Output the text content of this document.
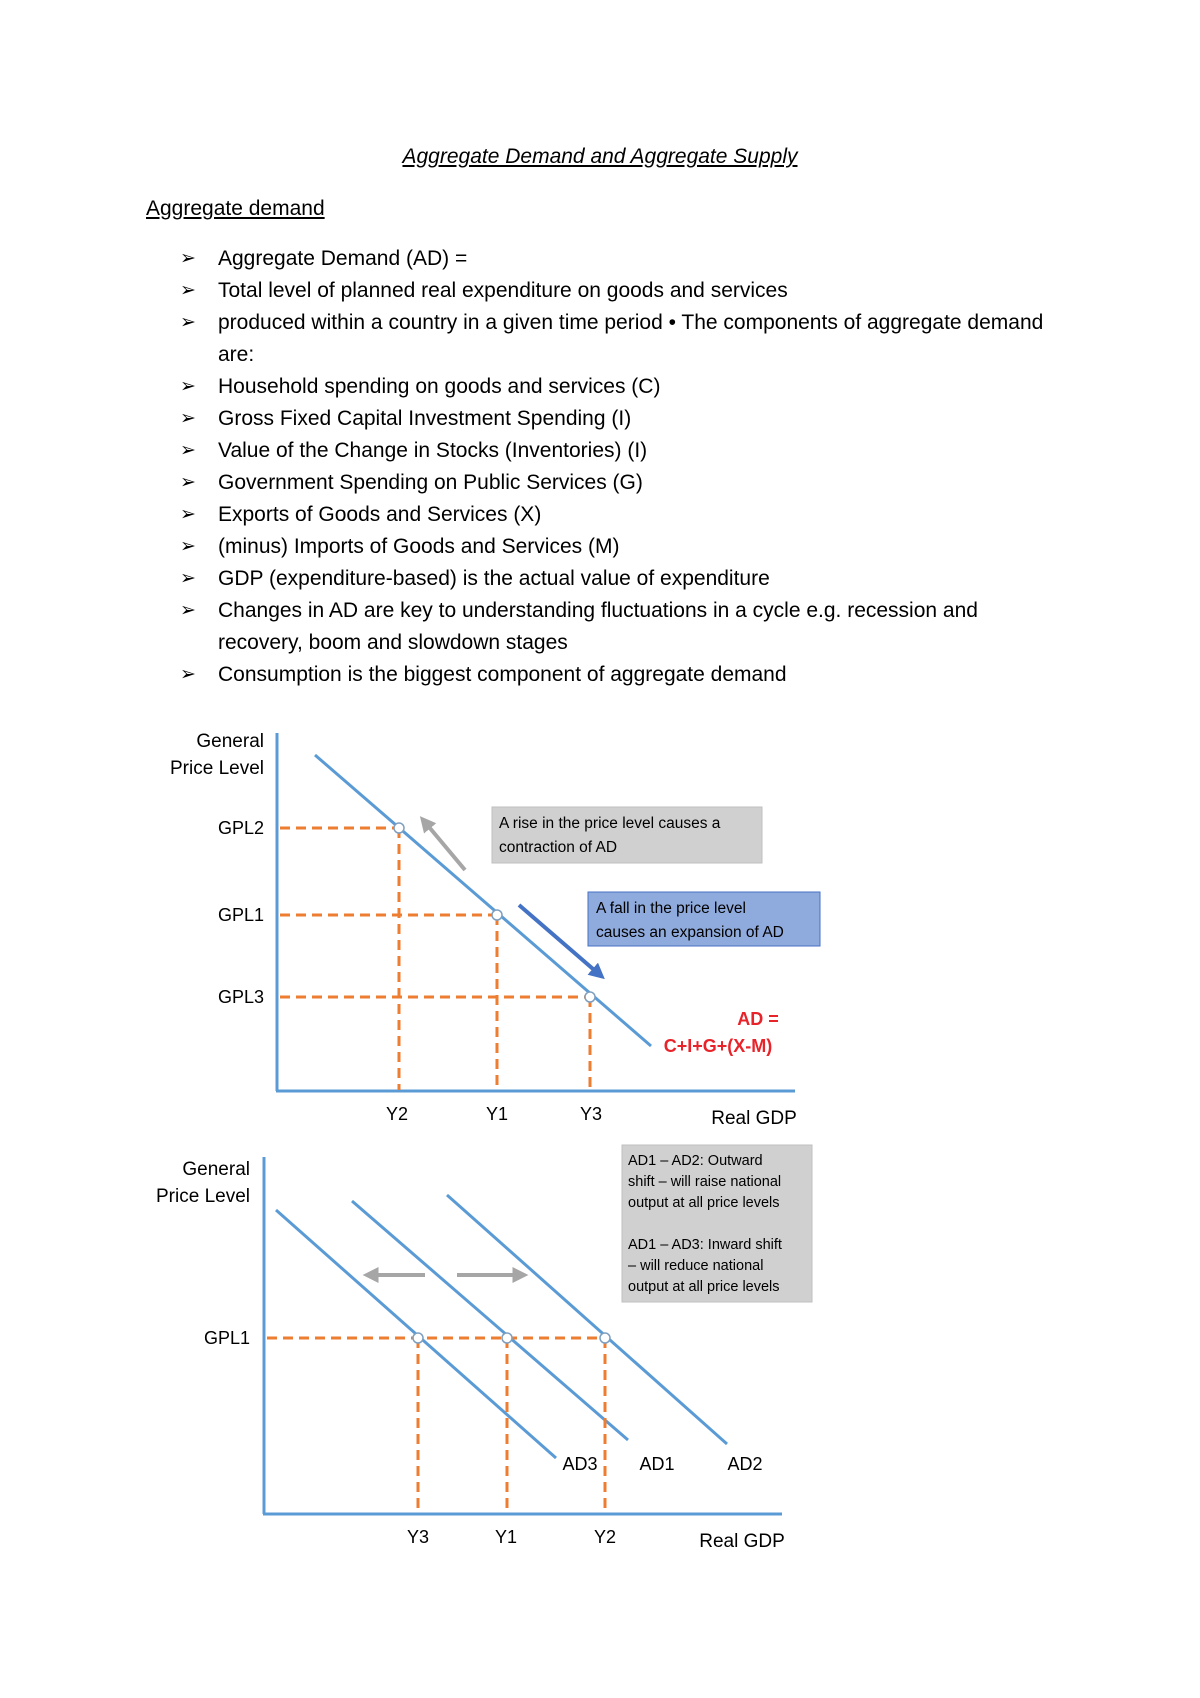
Aggregate Demand and Aggregate Supply
Aggregate demand
➢ Aggregate Demand (AD) =
➢ Total level of planned real expenditure on goods and services
➢ produced within a country in a given time period • The components of aggregate demand are:
➢ Household spending on goods and services (C)
➢ Gross Fixed Capital Investment Spending (I)
➢ Value of the Change in Stocks (Inventories) (I)
➢ Government Spending on Public Services (G)
➢ Exports of Goods and Services (X)
➢ (minus) Imports of Goods and Services (M)
➢ GDP (expenditure-based) is the actual value of expenditure
➢ Changes in AD are key to understanding fluctuations in a cycle e.g. recession and recovery, boom and slowdown stages
➢ Consumption is the biggest component of aggregate demand
General
Price Level
Real GDP
GPL2
GPL1
GPL3
Y2	Y1	Y3
A rise in the price level causes a
contraction of AD
A fall in the price level
causes an expansion of AD
AD =
C+I+G+(X-M)
General
Price Level
Real GDP
GPL1
Y3	Y1	Y2
AD3 AD1	AD2
AD1 – AD2: Outward
shift – will raise national
output at all price levels
AD1 – AD3: Inward shift
– will reduce national
output at all price levels
